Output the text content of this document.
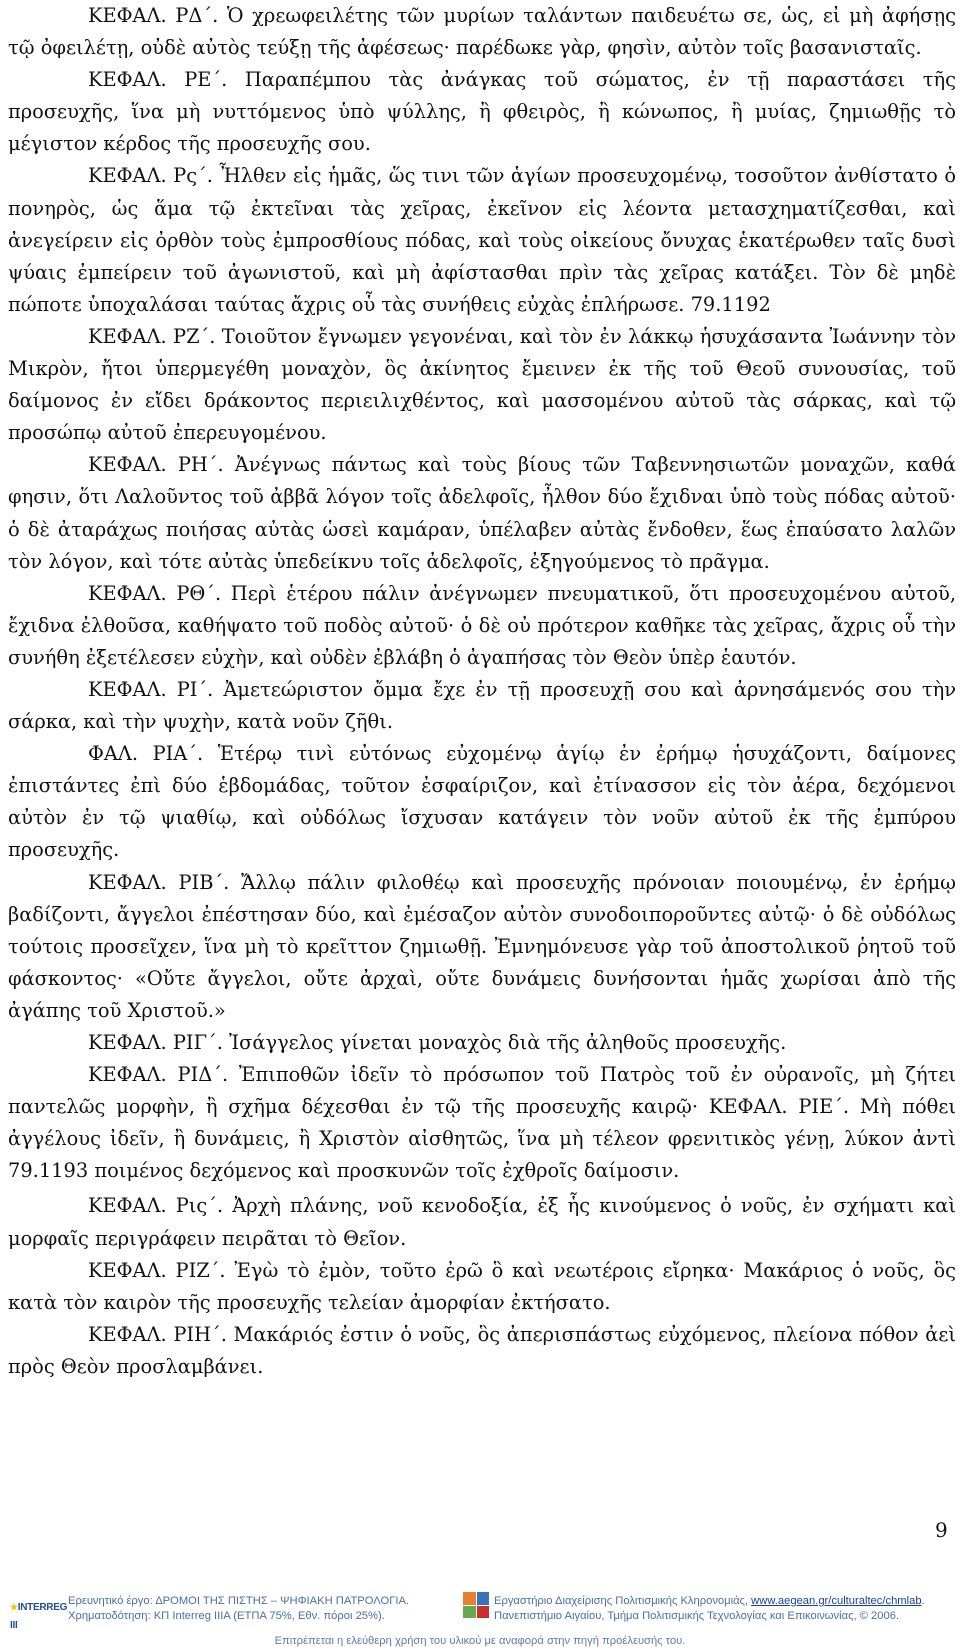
ΚΕΦΑΛ. ΡΔ΄. Ὁ χρεωφειλέτης τῶν μυρίων ταλάντων παιδευέτω σε, ὡς, εἰ μὴ ἀφήσῃς τῷ ὀφειλέτῃ, οὐδὲ αὐτὸς τεύξῃ τῆς ἀφέσεως· παρέδωκε γὰρ, φησὶν, αὐτὸν τοῖς βασανισταῖς.

ΚΕΦΑΛ. ΡΕ΄. Παραπέμπου τὰς ἀνάγκας τοῦ σώματος, ἐν τῇ παραστάσει τῆς προσευχῆς, ἵνα μὴ νυττόμενος ὑπὸ ψύλλης, ἢ φθειρὸς, ἢ κώνωπος, ἢ μυίας, ζημιωθῇς τὸ μέγιστον κέρδος τῆς προσευχῆς σου.

ΚΕΦΑΛ. Ρς΄. Ἦλθεν εἰς ἡμᾶς, ὥς τινι τῶν ἁγίων προσευχομένῳ, τοσοῦτον ἀνθίστατο ὁ πονηρὸς, ὡς ἅμα τῷ ἐκτεῖναι τὰς χεῖρας, ἐκεῖνον εἰς λέοντα μετασχηματίζεσθαι, καὶ ἀνεγείρειν εἰς ὀρθὸν τοὺς ἐμπροσθίους πόδας, καὶ τοὺς οἰκείους ὄνυχας ἑκατέρωθεν ταῖς δυσὶ ψύαις ἐμπείρειν τοῦ ἀγωνιστοῦ, καὶ μὴ ἀφίστασθαι πρὶν τὰς χεῖρας κατάξει. Τὸν δὲ μηδὲ πώποτε ὑποχαλάσαι ταύτας ἄχρις οὗ τὰς συνήθεις εὐχὰς ἐπλήρωσε. 79.1192

ΚΕΦΑΛ. ΡΖ΄. Τοιοῦτον ἔγνωμεν γεγονέναι, καὶ τὸν ἐν λάκκῳ ἡσυχάσαντα Ἰωάννην τὸν Μικρὸν, ἤτοι ὑπερμεγέθη μοναχὸν, ὃς ἀκίνητος ἔμεινεν ἐκ τῆς τοῦ Θεοῦ συνουσίας, τοῦ δαίμονος ἐν εἴδει δράκοντος περιειλιχθέντος, καὶ μασσομένου αὐτοῦ τὰς σάρκας, καὶ τῷ προσώπῳ αὐτοῦ ἐπερευγομένου.

ΚΕΦΑΛ. ΡΗ΄. Ἀνέγνως πάντως καὶ τοὺς βίους τῶν Ταβεννησιωτῶν μοναχῶν, καθά φησιν, ὅτι Λαλοῦντος τοῦ ἀββᾶ λόγον τοῖς ἀδελφοῖς, ἦλθον δύο ἔχιδναι ὑπὸ τοὺς πόδας αὐτοῦ· ὁ δὲ ἀταράχως ποιήσας αὐτὰς ὡσεὶ καμάραν, ὑπέλαβεν αὐτὰς ἔνδοθεν, ἕως ἐπαύσατο λαλῶν τὸν λόγον, καὶ τότε αὐτὰς ὑπεδείκνυ τοῖς ἀδελφοῖς, ἐξηγούμενος τὸ πρᾶγμα.

ΚΕΦΑΛ. ΡΘ΄. Περὶ ἑτέρου πάλιν ἀνέγνωμεν πνευματικοῦ, ὅτι προσευχομένου αὐτοῦ, ἔχιδνα ἐλθοῦσα, καθήψατο τοῦ ποδὸς αὐτοῦ· ὁ δὲ οὐ πρότερον καθῆκε τὰς χεῖρας, ἄχρις οὗ τὴν συνήθη ἐξετέλεσεν εὐχὴν, καὶ οὐδὲν ἐβλάβη ὁ ἀγαπήσας τὸν Θεὸν ὑπὲρ ἑαυτόν.

ΚΕΦΑΛ. ΡΙ΄. Ἀμετεώριστον ὄμμα ἔχε ἐν τῇ προσευχῇ σου καὶ ἀρνησάμενός σου τὴν σάρκα, καὶ τὴν ψυχὴν, κατὰ νοῦν ζῆθι.

ΦΑΛ. ΡΙΑ΄. Ἑτέρῳ τινὶ εὐτόνως εὐχομένῳ ἁγίῳ ἐν ἐρήμῳ ἡσυχάζοντι, δαίμονες ἐπιστάντες ἐπὶ δύο ἑβδομάδας, τοῦτον ἐσφαίριζον, καὶ ἐτίνασσον εἰς τὸν ἀέρα, δεχόμενοι αὐτὸν ἐν τῷ ψιαθίῳ, καὶ οὐδόλως ἴσχυσαν κατάγειν τὸν νοῦν αὐτοῦ ἐκ τῆς ἐμπύρου προσευχῆς.

ΚΕΦΑΛ. ΡΙΒ΄. Ἄλλῳ πάλιν φιλοθέῳ καὶ προσευχῆς πρόνοιαν ποιουμένῳ, ἐν ἐρήμῳ βαδίζοντι, ἄγγελοι ἐπέστησαν δύο, καὶ ἐμέσαζον αὐτὸν συνοδοιποροῦντες αὐτῷ· ὁ δὲ οὐδόλως τούτοις προσεῖχεν, ἵνα μὴ τὸ κρεῖττον ζημιωθῇ. Ἐμνημόνευσε γὰρ τοῦ ἀποστολικοῦ ῥητοῦ τοῦ φάσκοντος· «Οὔτε ἄγγελοι, οὔτε ἀρχαὶ, οὔτε δυνάμεις δυνήσονται ἡμᾶς χωρίσαι ἀπὸ τῆς ἀγάπης τοῦ Χριστοῦ.»

ΚΕΦΑΛ. ΡΙΓ΄. Ἰσάγγελος γίνεται μοναχὸς διὰ τῆς ἀληθοῦς προσευχῆς.

ΚΕΦΑΛ. ΡΙΔ΄. Ἐπιποθῶν ἰδεῖν τὸ πρόσωπον τοῦ Πατρὸς τοῦ ἐν οὐρανοῖς, μὴ ζήτει παντελῶς μορφὴν, ἢ σχῆμα δέχεσθαι ἐν τῷ τῆς προσευχῆς καιρῷ· ΚΕΦΑΛ. ΡΙΕ΄. Μὴ πόθει ἀγγέλους ἰδεῖν, ἢ δυνάμεις, ἢ Χριστὸν αἰσθητῶς, ἵνα μὴ τέλεον φρενιτικὸς γένῃ, λύκον ἀντὶ 79.1193 ποιμένος δεχόμενος καὶ προσκυνῶν τοῖς ἐχθροῖς δαίμοσιν.

ΚΕΦΑΛ. Ρις΄. Ἀρχὴ πλάνης, νοῦ κενοδοξία, ἐξ ἧς κινούμενος ὁ νοῦς, ἐν σχήματι καὶ μορφαῖς περιγράφειν πειρᾶται τὸ Θεῖον.

ΚΕΦΑΛ. ΡΙΖ΄. Ἐγὼ τὸ ἐμὸν, τοῦτο ἐρῶ ὃ καὶ νεωτέροις εἴρηκα· Μακάριος ὁ νοῦς, ὃς κατὰ τὸν καιρὸν τῆς προσευχῆς τελείαν ἀμορφίαν ἐκτήσατο.

ΚΕΦΑΛ. ΡΙΗ΄. Μακάριός ἐστιν ὁ νοῦς, ὃς ἀπερισπάστως εὐχόμενος, πλείονα πόθον ἀεὶ πρὸς Θεὸν προσλαμβάνει.

9
★INTERREG III
Ερευνητικό έργο: ΔΡΟΜΟΙ ΤΗΣ ΠΙΣΤΗΣ – ΨΗΦΙΑΚΗ ΠΑΤΡΟΛΟΓΙΑ.
Χρηματοδότηση: ΚΠ Interreg IIIA (ΕΤΠΑ 75%, Εθν. πόροι 25%).
Εργαστήριο Διαχείρισης Πολιτισμικής Κληρονομιάς, www.aegean.gr/culturaltec/chmlab.
Πανεπιστήμιο Αιγαίου, Τμήμα Πολιτισμικής Τεχνολογίας και Επικοινωνίας, © 2006.
Επιτρέπεται η ελεύθερη χρήση του υλικού με αναφορά στην πηγή προέλευσής του.
